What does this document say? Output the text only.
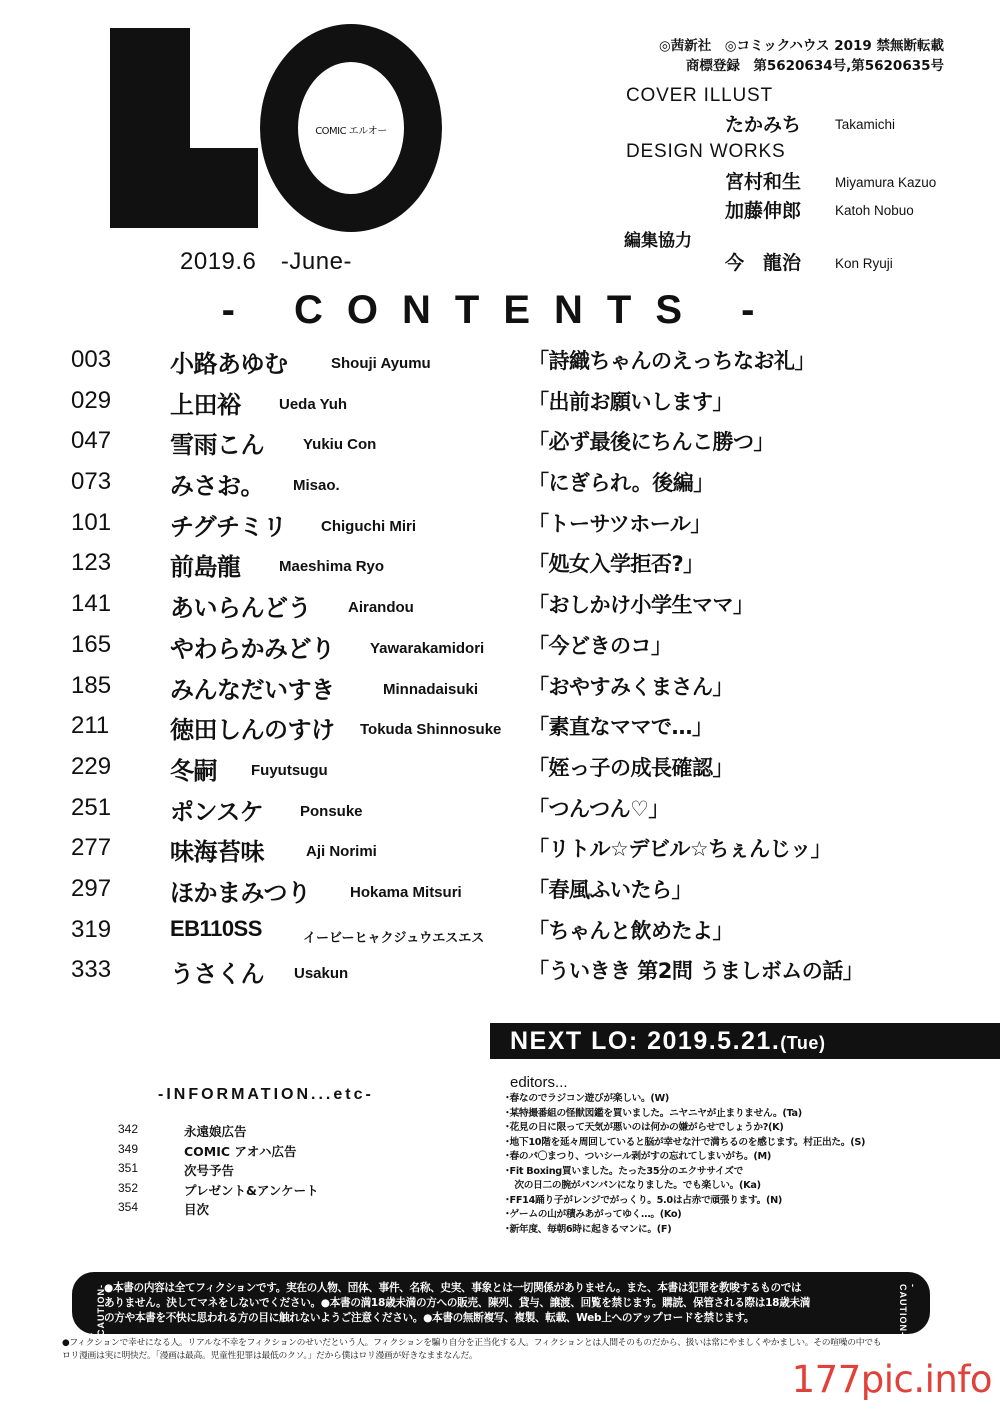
COMIC エルオー
2019.6　-June-
◎茜新社　◎コミックハウス 2019 禁無断転載
商標登録　第5620634号,第5620635号
COVER ILLUST
たかみち	Takamichi
DESIGN WORKS
宮村和生	Miyamura Kazuo
加藤伸郎	Katoh Nobuo
編集協力
今　龍治	Kon Ryuji
- CONTENTS -
003 小路あゆむ	Shouji Ayumu	「詩織ちゃんのえっちなお礼」
029 上田裕	Ueda Yuh	「出前お願いします」
047 雪雨こん	Yukiu Con	「必ず最後にちんこ勝つ」
073 みさお。 Misao.	「にぎられ。後編」
101 チグチミリ Chiguchi Miri	「トーサツホール」
123 前島龍	Maeshima Ryo	「処女入学拒否?」
141 あいらんどう Airandou	「おしかけ小学生ママ」
165 やわらかみどり Yawarakamidori 「今どきのコ」
185 みんなだいすき	Minnadaisuki 「おやすみくまさん」
211	徳田しんのすけ Tokuda Shinnosuke 「素直なママで…」
229 冬嗣 Fuyutsugu	「姪っ子の成長確認」
251 ポンスケ Ponsuke	「つんつん♡」
277 味海苔味	Aji Norimi	「リトル☆デビル☆ちぇんじッ」
297 ほかまみつり	Hokama Mitsuri	「春風ふいたら」
319	EB110SS	イービーヒャクジュウエスエス 「ちゃんと飲めたよ」
333 うさくん Usakun	「ういきき 第2問 うましボムの話」
NEXT LO: 2019.5.21.(Tue)
-INFORMATION...etc-
342	永遠娘広告
349	COMIC アオハ広告
351	次号予告
352	プレゼント&アンケート
354	目次
editors...
･春なのでラジコン遊びが楽しい。(W)
･某特撮番組の怪獣図鑑を買いました。ニヤニヤが止まりません。(Ta)
･花見の日に限って天気が悪いのは何かの嫌がらせでしょうか?(K)
･地下10階を延々周回していると脳が幸せな汁で満ちるのを感じます。村正出た。(S)
･春のパ〇まつり、ついシール剥がすの忘れてしまいがち。(M)
･Fit Boxing買いました。たった35分のエクササイズで
　次の日二の腕がパンパンになりました。でも楽しい。(Ka)
･FF14踊り子がレンジでがっくり。5.0は占赤で頑張ります。(N)
･ゲームの山が積みあがってゆく…。(Ko)
･新年度、毎朝6時に起きるマンに。(F)
-CAUTION-
●本書の内容は全てフィクションです。実在の人物、団体、事件、名称、史実、事象とは一切関係がありません。また、本書は犯罪を教唆するものでは
ありません。決してマネをしないでください。●本書の満18歳未満の方への販売、陳列、貸与、譲渡、回覧を禁じます。購読、保管される際は18歳未満
の方や本書を不快に思われる方の目に触れないようご注意ください。●本書の無断複写、複製、転載、Web上へのアップロードを禁じます。
-CAUTION-
●フィクションで幸せになる人。リアルな不幸をフィクションのせいだという人。フィクションを騙り自分を正当化する人。フィクションとは人間そのものだから、扱いは常にやましくやかましい。その喧噪の中でも
ロリ漫画は実に明快だ。「漫画は最高。児童性犯罪は最低のクソ。」だから僕はロリ漫画が好きなままなんだ。
177pic.info
